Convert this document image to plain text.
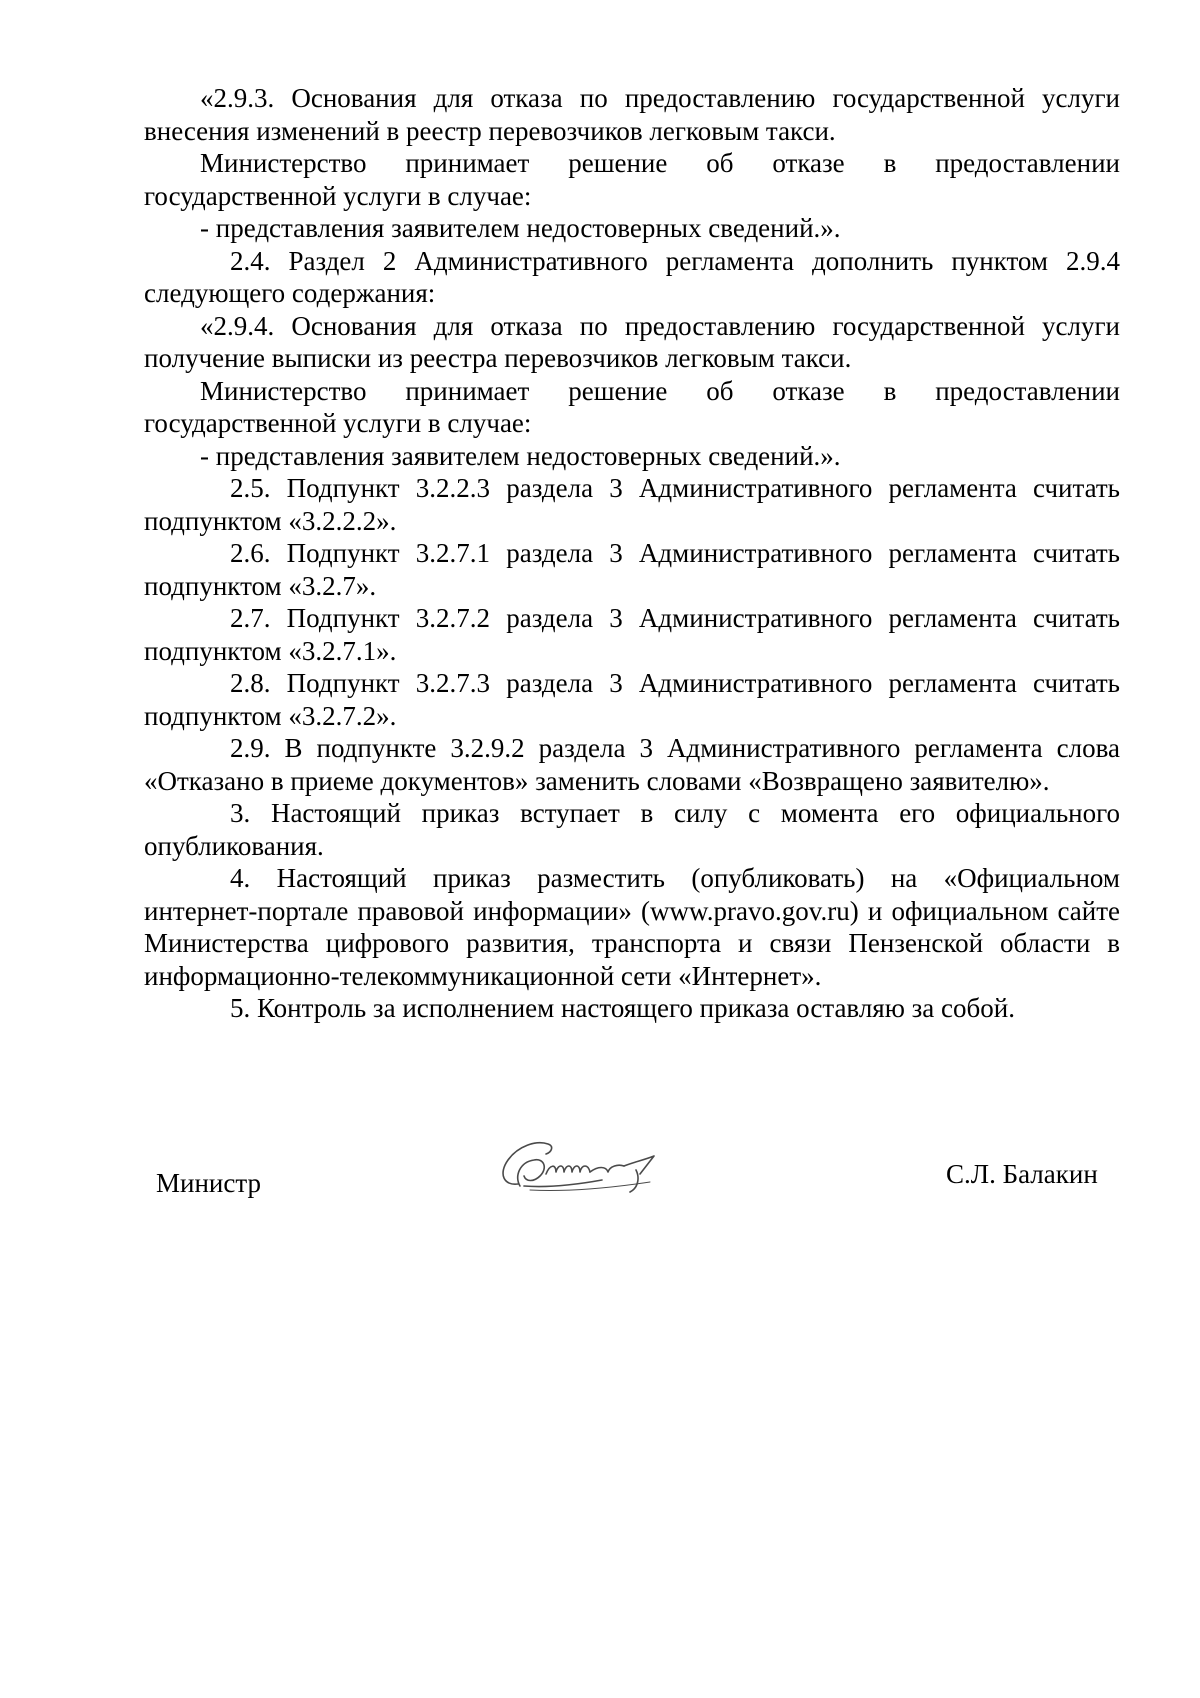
«2.9.3. Основания для отказа по предоставлению государственной услуги внесения изменений в реестр перевозчиков легковым такси.

Министерство принимает решение об отказе в предоставлении государственной услуги в случае:

- представления заявителем недостоверных сведений.».

2.4. Раздел 2 Административного регламента дополнить пунктом 2.9.4 следующего содержания:

«2.9.4. Основания для отказа по предоставлению государственной услуги получение выписки из реестра перевозчиков легковым такси.

Министерство принимает решение об отказе в предоставлении государственной услуги в случае:

- представления заявителем недостоверных сведений.».

2.5. Подпункт 3.2.2.3 раздела 3 Административного регламента считать подпунктом «3.2.2.2».

2.6. Подпункт 3.2.7.1 раздела 3 Административного регламента считать подпунктом «3.2.7».

2.7. Подпункт 3.2.7.2 раздела 3 Административного регламента считать подпунктом «3.2.7.1».

2.8. Подпункт 3.2.7.3 раздела 3 Административного регламента считать подпунктом «3.2.7.2».

2.9. В подпункте 3.2.9.2 раздела 3 Административного регламента слова «Отказано в приеме документов» заменить словами «Возвращено заявителю».

3. Настоящий приказ вступает в силу с момента его официального опубликования.

4. Настоящий приказ разместить (опубликовать) на «Официальном интернет-портале правовой информации» (www.pravo.gov.ru) и официальном сайте Министерства цифрового развития, транспорта и связи Пензенской области в информационно-телекоммуникационной сети «Интернет».

5. Контроль за исполнением настоящего приказа оставляю за собой.

Министр	С.Л. Балакин
